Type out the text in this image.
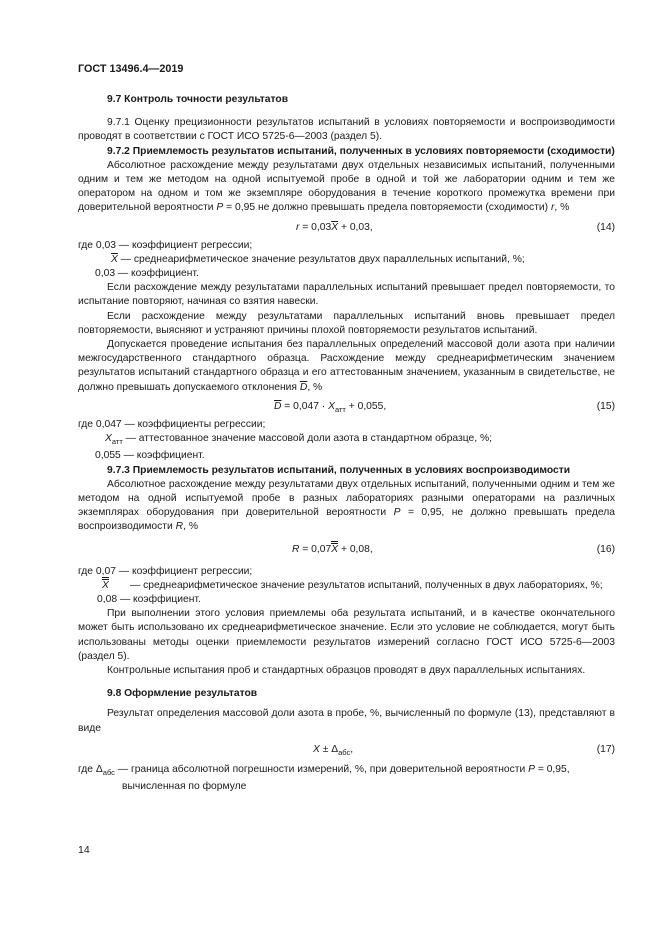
ГОСТ 13496.4—2019

9.7 Контроль точности результатов

9.7.1 Оценку прецизионности результатов испытаний в условиях повторяемости и воспроизводимости проводят в соответствии с ГОСТ ИСО 5725-6—2003 (раздел 5).

9.7.2 Приемлемость результатов испытаний, полученных в условиях повторяемости (сходимости)

Абсолютное расхождение между результатами двух отдельных независимых испытаний, полученными одним и тем же методом на одной испытуемой пробе в одной и той же лаборатории одним и тем же оператором на одном и том же экземпляре оборудования в течение короткого промежутка времени при доверительной вероятности P = 0,95 не должно превышать предела повторяемости (сходимости) r, %

$r = 0,03\overline{X} + 0,03$,	(14)

где 0,03 — коэффициент регрессии;

$\overline{X}$ — среднеарифметическое значение результатов двух параллельных испытаний, %;

0,03 — коэффициент.

Если расхождение между результатами параллельных испытаний превышает предел повторяемости, то испытание повторяют, начиная со взятия навески.

Если расхождение между результатами параллельных испытаний вновь превышает предел повторяемости, выясняют и устраняют причины плохой повторяемости результатов испытаний.

Допускается проведение испытания без параллельных определений массовой доли азота при наличии межгосударственного стандартного образца. Расхождение между среднеарифметическим значением результатов испытаний стандартного образца и его аттестованным значением, указанным в свидетельстве, не должно превышать допускаемого отклонения $\overline{D}$, %

$\overline{D} = 0,047 \cdot X_{атт} + 0,055$,	(15)

где 0,047 — коэффициенты регрессии;

$X_{атт}$ — аттестованное значение массовой доли азота в стандартном образце, %;

0,055 — коэффициент.

9.7.3 Приемлемость результатов испытаний, полученных в условиях воспроизводимости

Абсолютное расхождение между результатами двух отдельных испытаний, полученными одним и тем же методом на одной испытуемой пробе в разных лабораториях разными операторами на различных экземплярах оборудования при доверительной вероятности P = 0,95, не должно превышать предела воспроизводимости R, %

R = 0,07X + 0,08,	(16)

где 0,07 — коэффициент регрессии;

X	— среднеарифметическое значение результатов испытаний, полученных в двух лабораториях, %;

0,08 — коэффициент.

При выполнении этого условия приемлемы оба результата испытаний, и в качестве окончательного может быть использовано их среднеарифметическое значение. Если это условие не соблюдается, могут быть использованы методы оценки приемлемости результатов измерений согласно ГОСТ ИСО 5725-6—2003 (раздел 5).

Контрольные испытания проб и стандартных образцов проводят в двух параллельных испытаниях.

9.8 Оформление результатов

Результат определения массовой доли азота в пробе, %, вычисленный по формуле (13), представляют в виде

$X \pm \Delta_{абс}$,	(17)

где $\Delta_{абс}$ — граница абсолютной погрешности измерений, %, при доверительной вероятности P = 0,95,

вычисленная по формуле

14
